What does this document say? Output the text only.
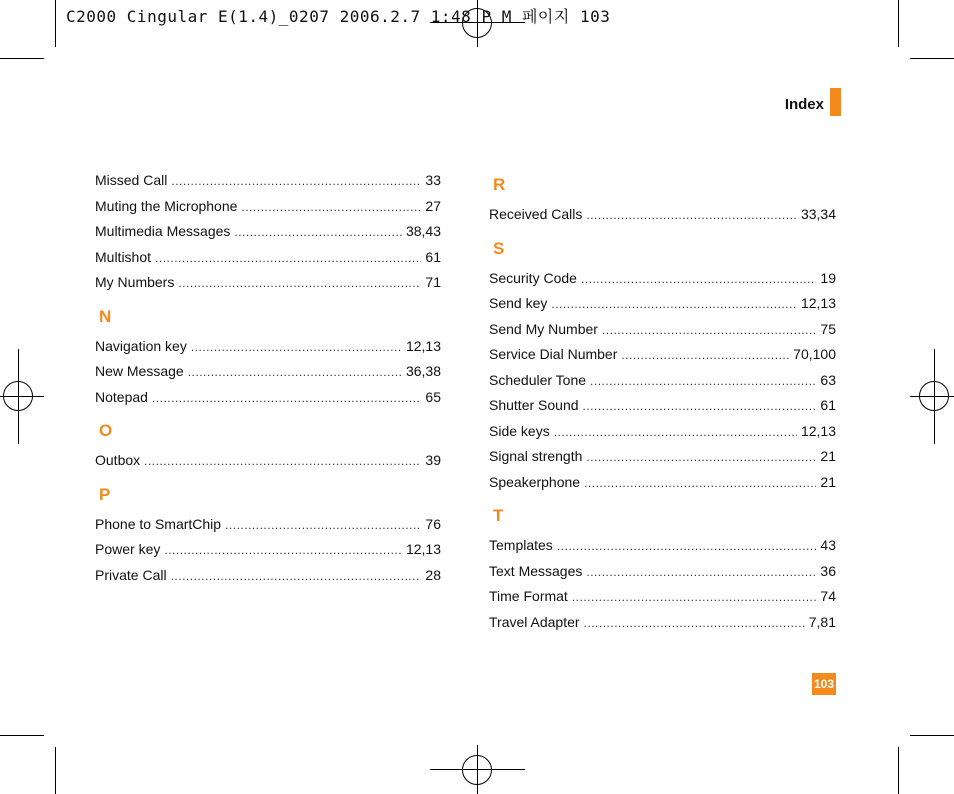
C2000 Cingular E(1.4)_0207 2006.2.7 1:48 P M 페이지 103
Index
Missed Call .....	33
Muting the Microphone .....	27
Multimedia Messages .....	38,43
Multishot .....	61
My Numbers .....	71
N
Navigation key .....	12,13
New Message .....	36,38
Notepad .....	65
O
Outbox .....	39
P
Phone to SmartChip .....	76
Power key .....	12,13
Private Call .....	28
R
Received Calls .....	33,34
S
Security Code .....	19
Send key .....	12,13
Send My Number .....	75
Service Dial Number .....	70,100
Scheduler Tone .....	63
Shutter Sound .....	61
Side keys .....	12,13
Signal strength .....	21
Speakerphone .....	21
T
Templates .....	43
Text Messages .....	36
Time Format .....	74
Travel Adapter .....	7,81
103
